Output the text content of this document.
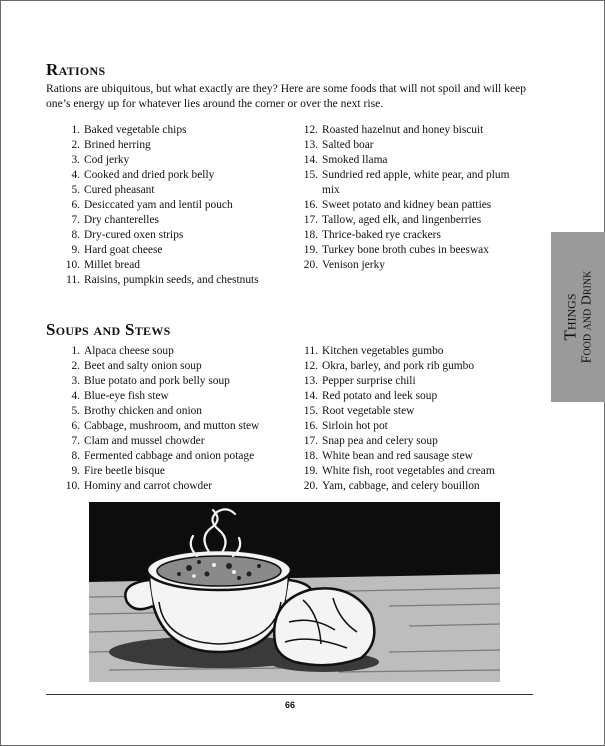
Rations

Rations are ubiquitous, but what exactly are they? Here are some foods that will not spoil and will keep one’s energy up for whatever lies around the corner or over the next rise.

1. Baked vegetable chips
2. Brined herring
3. Cod jerky
4. Cooked and dried pork belly
5. Cured pheasant
6. Desiccated yam and lentil pouch
7. Dry chanterelles
8. Dry-cured oxen strips
9. Hard goat cheese
10. Millet bread
11. Raisins, pumpkin seeds, and chestnuts
12. Roasted hazelnut and honey biscuit
13. Salted boar
14. Smoked llama
15. Sundried red apple, white pear, and plum mix
16. Sweet potato and kidney bean patties
17. Tallow, aged elk, and lingenberries
18. Thrice-baked rye crackers
19. Turkey bone broth cubes in beeswax
20. Venison jerky
Soups and Stews
1. Alpaca cheese soup
2. Beet and salty onion soup
3. Blue potato and pork belly soup
4. Blue-eye fish stew
5. Brothy chicken and onion
6. Cabbage, mushroom, and mutton stew
7. Clam and mussel chowder
8. Fermented cabbage and onion potage
9. Fire beetle bisque
10. Hominy and carrot chowder
11. Kitchen vegetables gumbo
12. Okra, barley, and pork rib gumbo
13. Pepper surprise chili
14. Red potato and leek soup
15. Root vegetable stew
16. Sirloin hot pot
17. Snap pea and celery soup
18. White bean and red sausage stew
19. White fish, root vegetables and cream
20. Yam, cabbage, and celery bouillon
Things Food and Drink
66
